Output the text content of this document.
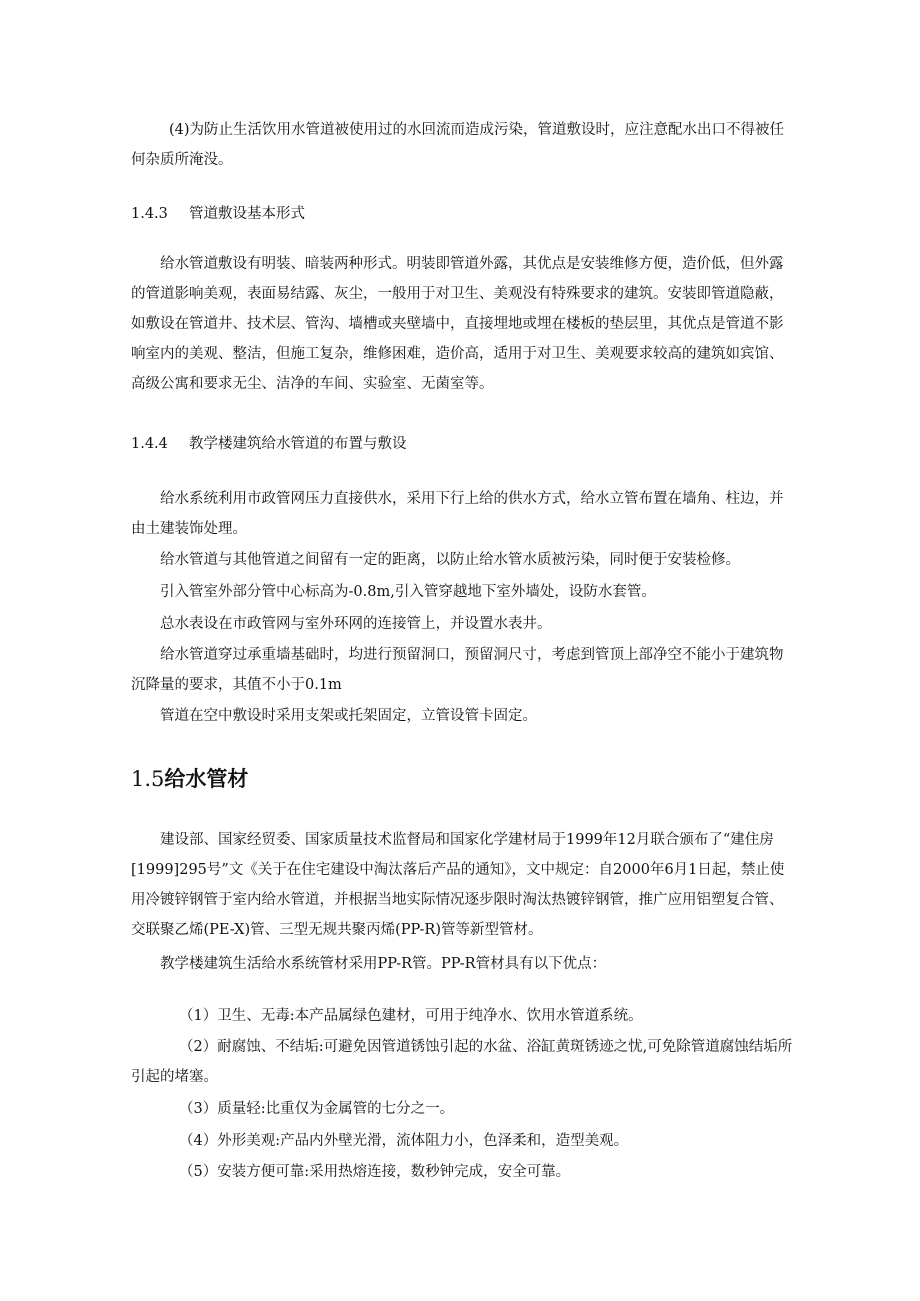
(4)为防止生活饮用水管道被使用过的水回流而造成污染，管道敷设时，应注意配水出口不得被任何杂质所淹没。

1.4.3 管道敷设基本形式

给水管道敷设有明装、暗装两种形式。明装即管道外露，其优点是安装维修方便，造价低，但外露的管道影响美观，表面易结露、灰尘，一般用于对卫生、美观没有特殊要求的建筑。安装即管道隐蔽，如敷设在管道井、技术层、管沟、墙槽或夹壁墙中，直接埋地或埋在楼板的垫层里，其优点是管道不影响室内的美观、整洁，但施工复杂，维修困难，造价高，适用于对卫生、美观要求较高的建筑如宾馆、高级公寓和要求无尘、洁净的车间、实验室、无菌室等。

1.4.4 教学楼建筑给水管道的布置与敷设

给水系统利用市政管网压力直接供水，采用下行上给的供水方式，给水立管布置在墙角、柱边，并由土建装饰处理。

给水管道与其他管道之间留有一定的距离，以防止给水管水质被污染，同时便于安装检修。

引入管室外部分管中心标高为-0.8m,引入管穿越地下室外墙处，设防水套管。

总水表设在市政管网与室外环网的连接管上，并设置水表井。

给水管道穿过承重墙基础时，均进行预留洞口，预留洞尺寸，考虑到管顶上部净空不能小于建筑物沉降量的要求，其值不小于0.1m

管道在空中敷设时采用支架或托架固定，立管设管卡固定。

1.5给水管材

建设部、国家经贸委、国家质量技术监督局和国家化学建材局于1999年12月联合颁布了“建住房[1999]295号”文《关于在住宅建设中淘汰落后产品的通知》，文中规定：自2000年6月1日起，禁止使用冷镀锌钢管于室内给水管道，并根据当地实际情况逐步限时淘汰热镀锌钢管，推广应用铝塑复合管、交联聚乙烯(PE-X)管、三型无规共聚丙烯(PP-R)管等新型管材。

教学楼建筑生活给水系统管材采用PP-R管。PP-R管材具有以下优点：

（1）卫生、无毒:本产品属绿色建材，可用于纯净水、饮用水管道系统。

（2）耐腐蚀、不结垢:可避免因管道锈蚀引起的水盆、浴缸黄斑锈迹之忧,可免除管道腐蚀结垢所引起的堵塞。

（3）质量轻:比重仅为金属管的七分之一。

（4）外形美观:产品内外壁光滑，流体阻力小，色泽柔和，造型美观。

（5）安装方便可靠:采用热熔连接，数秒钟完成，安全可靠。
